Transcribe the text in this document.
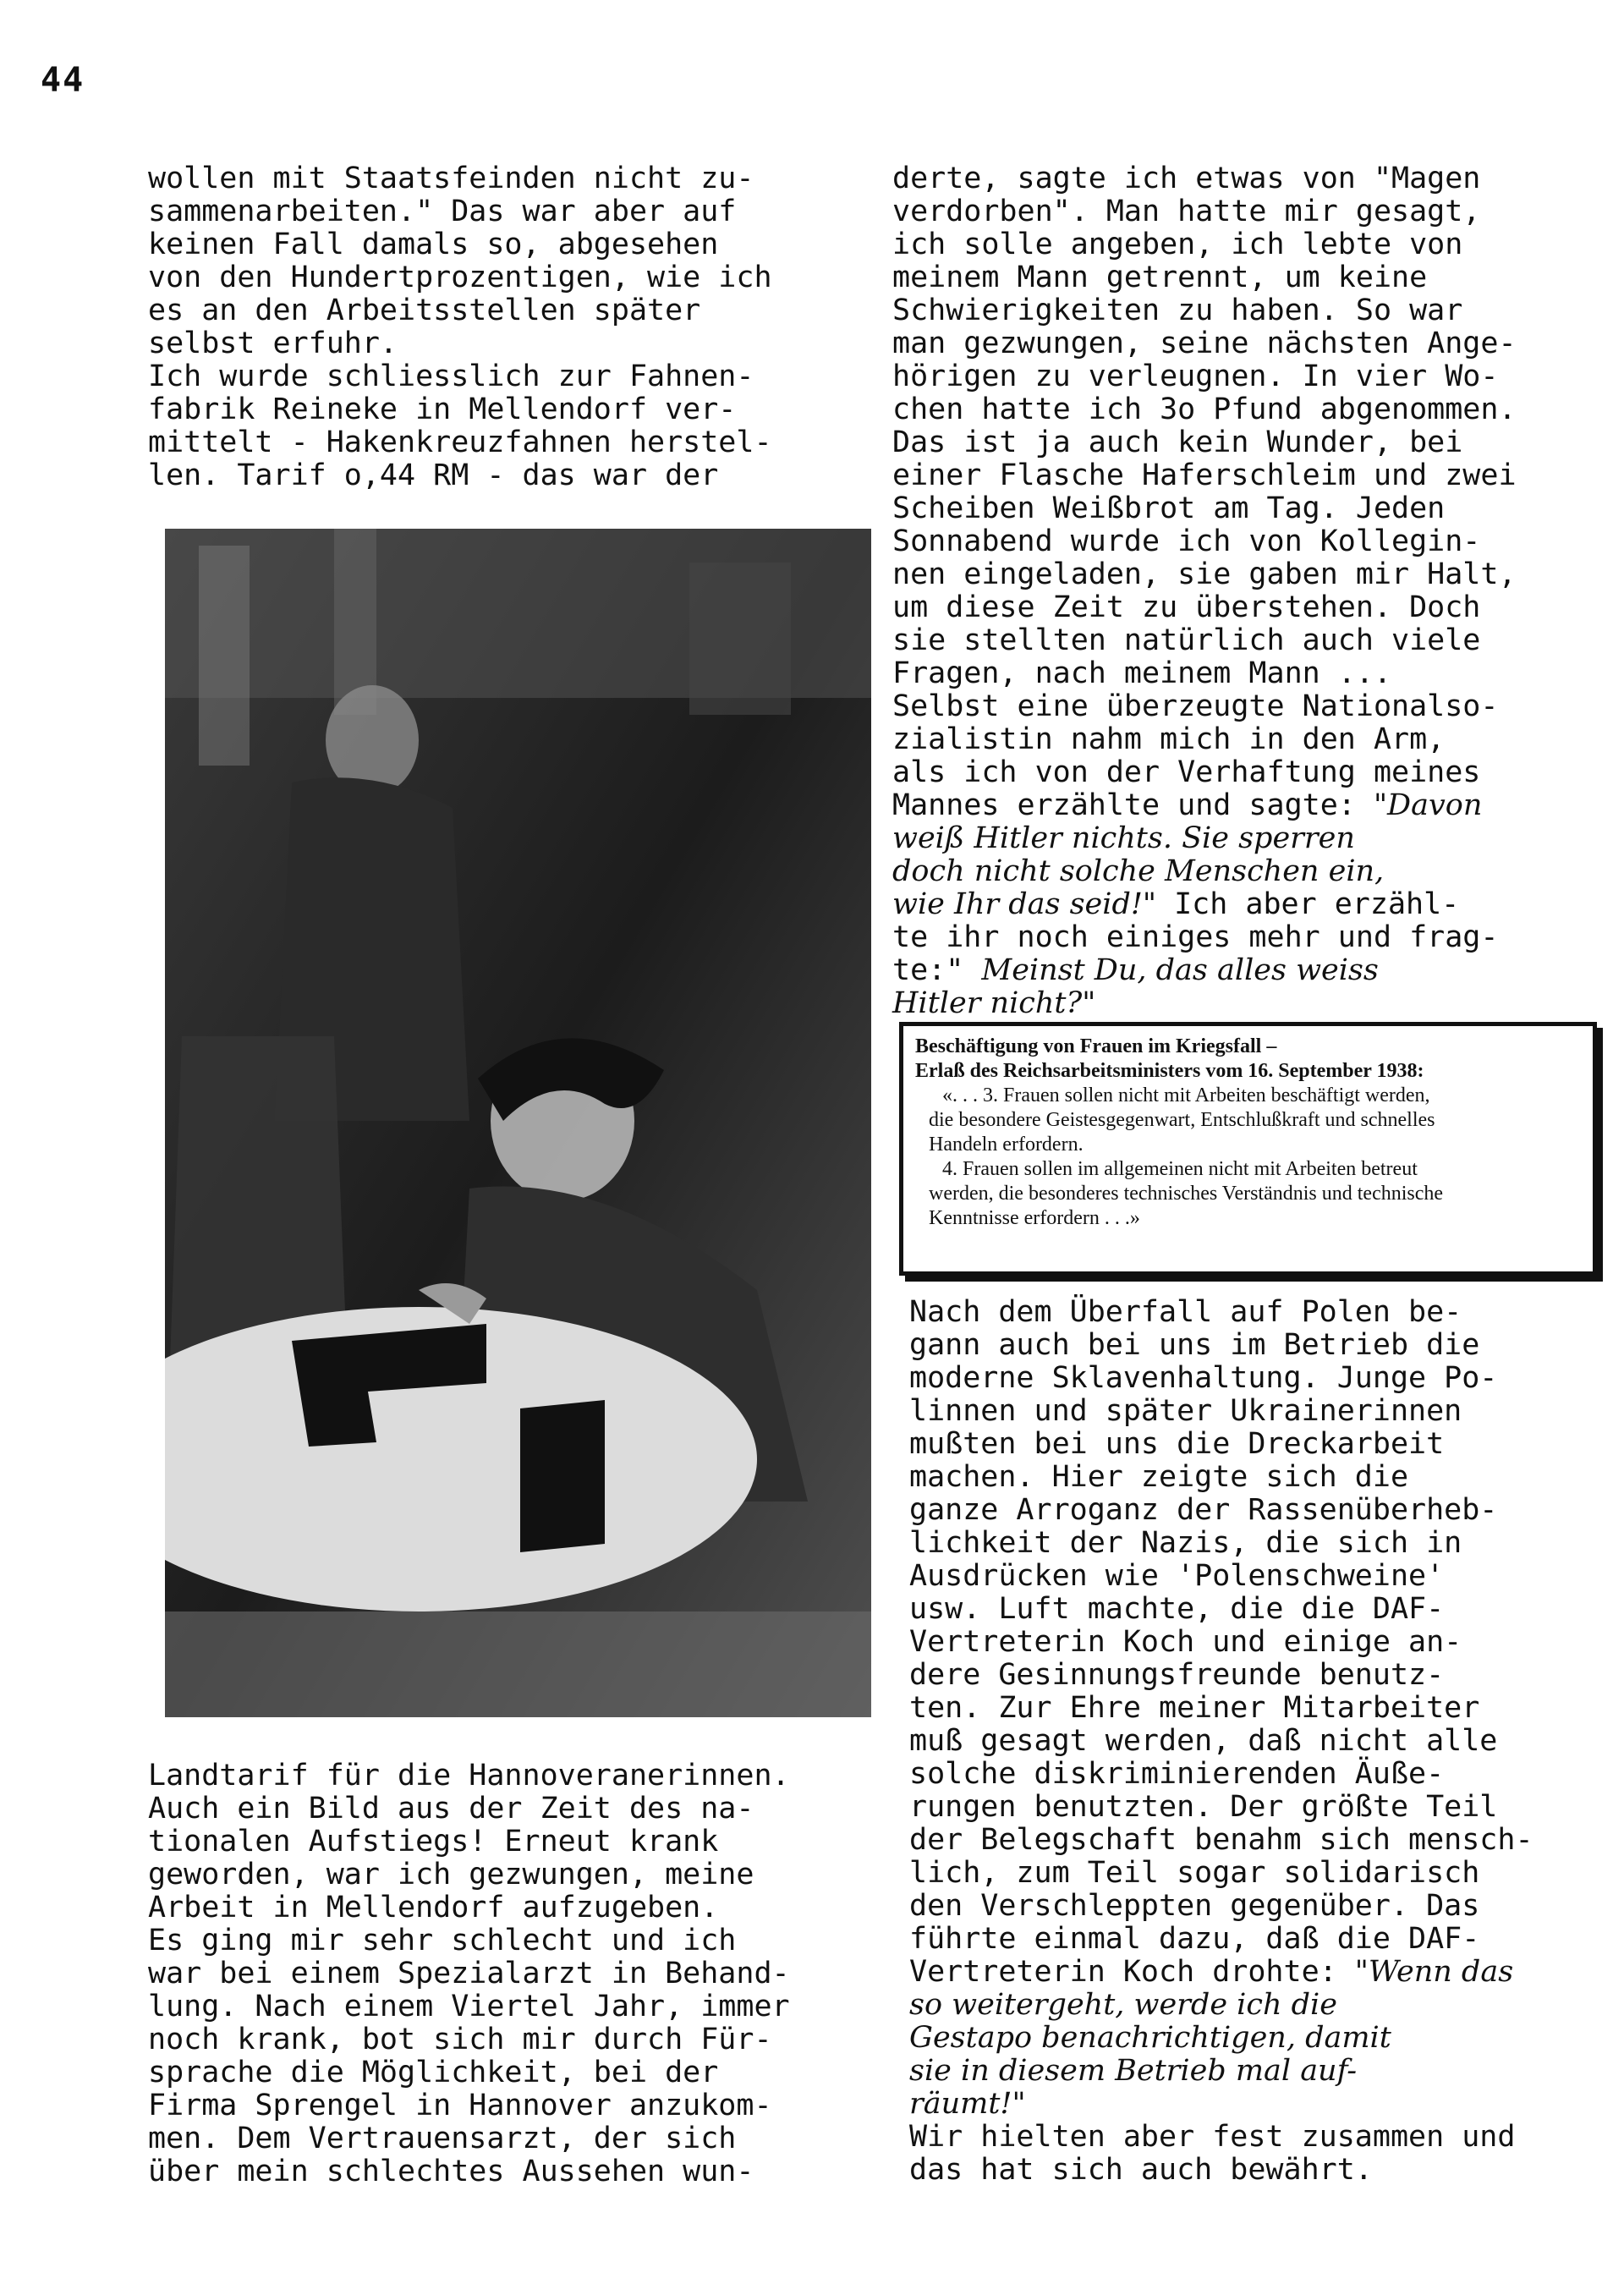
44
wollen mit Staatsfeinden nicht zu-
sammenarbeiten." Das war aber auf
keinen Fall damals so, abgesehen
von den Hundertprozentigen, wie ich
es an den Arbeitsstellen später
selbst erfuhr.
Ich wurde schliesslich zur Fahnen-
fabrik Reineke in Mellendorf ver-
mittelt - Hakenkreuzfahnen herstel-
len. Tarif o,44 RM - das war der
Landtarif für die Hannoveranerinnen.
Auch ein Bild aus der Zeit des na-
tionalen Aufstiegs! Erneut krank
geworden, war ich gezwungen, meine
Arbeit in Mellendorf aufzugeben.
Es ging mir sehr schlecht und ich
war bei einem Spezialarzt in Behand-
lung. Nach einem Viertel Jahr, immer
noch krank, bot sich mir durch Für-
sprache die Möglichkeit, bei der
Firma Sprengel in Hannover anzukom-
men. Dem Vertrauensarzt, der sich
über mein schlechtes Aussehen wun-
derte, sagte ich etwas von "Magen
verdorben". Man hatte mir gesagt,
ich solle angeben, ich lebte von
meinem Mann getrennt, um keine
Schwierigkeiten zu haben. So war
man gezwungen, seine nächsten Ange-
hörigen zu verleugnen. In vier Wo-
chen hatte ich 3o Pfund abgenommen.
Das ist ja auch kein Wunder, bei
einer Flasche Haferschleim und zwei
Scheiben Weißbrot am Tag. Jeden
Sonnabend wurde ich von Kollegin-
nen eingeladen, sie gaben mir Halt,
um diese Zeit zu überstehen. Doch
sie stellten natürlich auch viele
Fragen, nach meinem Mann ...
Selbst eine überzeugte Nationalso-
zialistin nahm mich in den Arm,
als ich von der Verhaftung meines
Mannes erzählte und sagte: "Davon
weiß Hitler nichts. Sie sperren
doch nicht solche Menschen ein,
wie Ihr das seid!" Ich aber erzähl-
te ihr noch einiges mehr und frag-
te:" Meinst Du, das alles weiss
Hitler nicht?"
Beschäftigung von Frauen im Kriegsfall –
Erlaß des Reichsarbeitsministers vom 16. September 1938:
«. . . 3. Frauen sollen nicht mit Arbeiten beschäftigt werden,
die besondere Geistesgegenwart, Entschlußkraft und schnelles
Handeln erfordern.
4. Frauen sollen im allgemeinen nicht mit Arbeiten betreut
werden, die besonderes technisches Verständnis und technische
Kenntnisse erfordern . . .»
Nach dem Überfall auf Polen be-
gann auch bei uns im Betrieb die
moderne Sklavenhaltung. Junge Po-
linnen und später Ukrainerinnen
mußten bei uns die Dreckarbeit
machen. Hier zeigte sich die
ganze Arroganz der Rassenüberheb-
lichkeit der Nazis, die sich in
Ausdrücken wie 'Polenschweine'
usw. Luft machte, die die DAF-
Vertreterin Koch und einige an-
dere Gesinnungsfreunde benutz-
ten. Zur Ehre meiner Mitarbeiter
muß gesagt werden, daß nicht alle
solche diskriminierenden Äuße-
rungen benutzten. Der größte Teil
der Belegschaft benahm sich mensch-
lich, zum Teil sogar solidarisch
den Verschleppten gegenüber. Das
führte einmal dazu, daß die DAF-
Vertreterin Koch drohte: "Wenn das
so weitergeht, werde ich die
Gestapo benachrichtigen, damit
sie in diesem Betrieb mal auf-
räumt!"
Wir hielten aber fest zusammen und
das hat sich auch bewährt.
